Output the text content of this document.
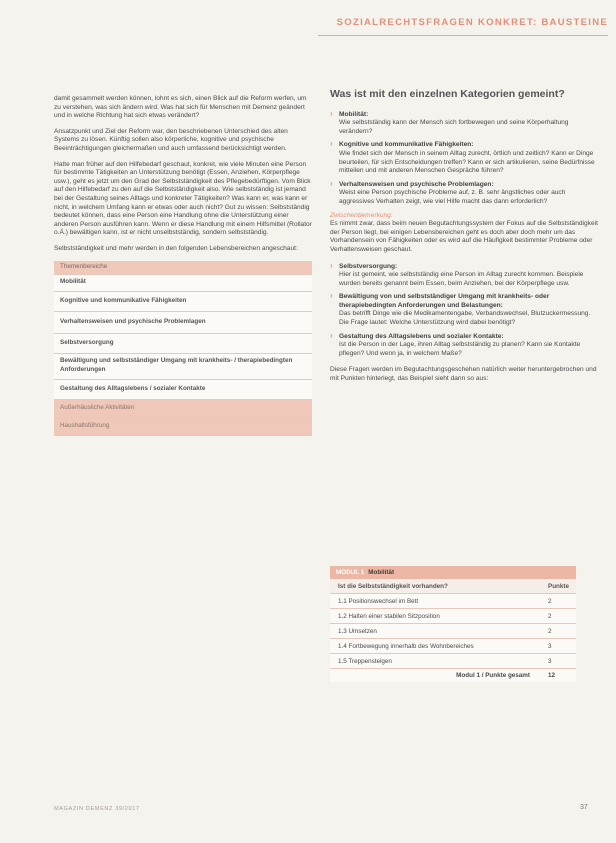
SOZIALRECHTSFRAGEN KONKRET: BAUSTEINE

damit gesammelt werden können, lohnt es sich, einen Blick auf die Reform werfen, um zu verstehen, was sich ändern wird. Was hat sich für Menschen mit Demenz geändert und in welche Richtung hat sich etwas verändert?

Ansatzpunkt und Ziel der Reform war, den beschriebenen Unterschied des alten Systems zu lösen. Künftig sollen also körperliche, kognitive und psychische Beeinträchtigungen gleichermaßen und auch umfassend berücksichtigt werden.

Hatte man früher auf den Hilfebedarf geschaut, konkret, wie viele Minuten eine Person für bestimmte Tätigkeiten an Unterstützung benötigt (Essen, Anziehen, Körperpflege usw.), geht es jetzt um den Grad der Selbstständigkeit des Pflegebedürftigen. Vom Blick auf den Hilfebedarf zu den auf die Selbstständigkeit also. Wie selbstständig ist jemand bei der Gestaltung seines Alltags und konkreter Tätigkeiten? Was kann er, was kann er nicht, in welchem Umfang kann er etwas oder auch nicht? Gut zu wissen: Selbstständig bedeutet können, dass eine Person eine Handlung ohne die Unterstützung einer anderen Person ausführen kann. Wenn er diese Handlung mit einem Hilfsmittel (Rollator o.Ä.) bewältigen kann, ist er nicht unselbstständig, sondern selbstständig.

Selbstständigkeit und mehr werden in den folgenden Lebensbereichen angeschaut:

Themenbereiche
Mobilität
Kognitive und kommunikative Fähigkeiten
Verhaltensweisen und psychische Problemlagen
Selbstversorgung
Bewältigung und selbstständiger Umgang mit krankheits- / therapiebedingten Anforderungen
Gestaltung des Alltagslebens / sozialer Kontakte
Außerhäusliche Aktivitäten
Haushaltsführung
Was ist mit den einzelnen Kategorien gemeint?
› Mobilität:
Wie selbstständig kann der Mensch sich fortbewegen und seine Körperhaltung verändern?
› Kognitive und kommunikative Fähigkeiten:
Wie findet sich der Mensch in seinem Alltag zurecht, örtlich und zeitlich? Kann er Dinge beurteilen, für sich Entscheidungen treffen? Kann er sich artikulieren, seine Bedürfnisse mitteilen und mit anderen Menschen Gespräche führen?
› Verhaltensweisen und psychische Problemlagen:
Weist eine Person psychische Probleme auf, z. B. sehr ängstliches oder auch aggressives Verhalten zeigt, wie viel Hilfe macht das dann erforderlich?
Zwischenbemerkung:
Es nimmt zwar, dass beim neuen Begutachtungssystem der Fokus auf die Selbstständigkeit der Person liegt, bei einigen Lebensbereichen geht es doch aber doch mehr um das Vorhandensein von Fähigkeiten oder es wird auf die Häufigkeit bestimmter Probleme oder Verhaltensweisen geschaut.
› Selbstversorgung:
Hier ist gemeint, wie selbstständig eine Person im Alltag zurecht kommen. Beispiele wurden bereits genannt beim Essen, beim Anziehen, bei der Körperpflege usw.
› Bewältigung von und selbstständiger Umgang mit krankheits- oder therapiebedingten Anforderungen und Belastungen:
Das betrifft Dinge wie die Medikamentengabe, Verbandswechsel, Blutzuckermessung. Die Frage lautet: Welche Unterstützung wird dabei benötigt?
› Gestaltung des Alltagslebens und sozialer Kontakte:
Ist die Person in der Lage, ihren Alltag selbstständig zu planen? Kann sie Kontakte pflegen? Und wenn ja, in welchem Maße?
Diese Fragen werden im Begutachtungsgeschehen natürlich weiter heruntergebrochen und mit Punkten hinterlegt, das Beispiel sieht dann so aus:
MODUL 1 Mobilität
Ist die Selbstständigkeit vorhanden?	Punkte
1.1 Positionswechsel im Bett	2
1.2 Halten einer stabilen Sitzposition	2
1.3 Umsetzen	2
1.4 Fortbewegung innerhalb des Wohnbereiches	3
1.5 Treppensteigen	3
Modul 1 / Punkte gesamt	12
MAGAZIN DEMENZ 39/2017	37
